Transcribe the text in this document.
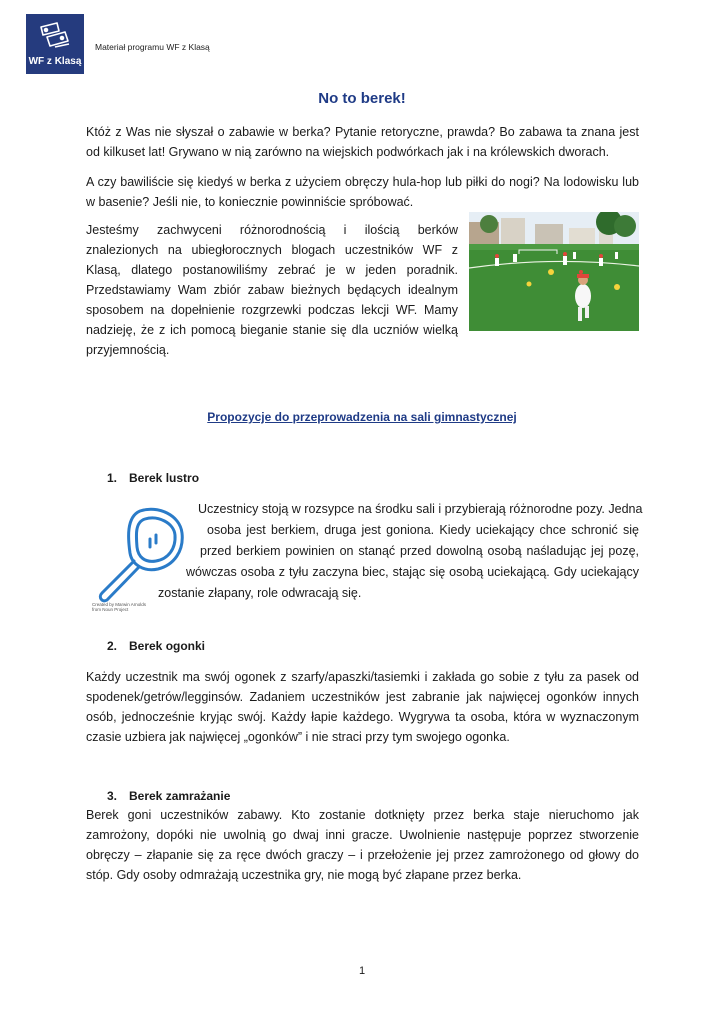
WF z Klasą
Materiał programu WF z Klasą
No to berek!
Któż z Was nie słyszał o zabawie w berka? Pytanie retoryczne, prawda? Bo zabawa ta znana jest od kilkuset lat! Grywano w nią zarówno na wiejskich podwórkach jak i na królewskich dworach.
A czy bawiliście się kiedyś w berka z użyciem obręczy hula-hop lub piłki do nogi? Na lodowisku lub w basenie? Jeśli nie, to koniecznie powinniście spróbować.
Jesteśmy zachwyceni różnorodnością i ilością berków znalezionych na ubiegłorocznych blogach uczestników WF z Klasą, dlatego postanowiliśmy zebrać je w jeden poradnik. Przedstawiamy Wam zbiór zabaw bieżnych będących idealnym sposobem na dopełnienie rozgrzewki podczas lekcji WF. Mamy nadzieję, że z ich pomocą bieganie stanie się dla uczniów wielką przyjemnością.
Propozycje do przeprowadzenia na sali gimnastycznej
1. Berek lustro
Created by Marwin Arnolds from Noun Project
Uczestnicy stoją w rozsypce na środku sali i przybierają różnorodne pozy. Jedna
osoba jest berkiem, druga jest goniona. Kiedy uciekający chce schronić się
przed berkiem powinien on stanąć przed dowolną osobą naśladując jej pozę,
wówczas osoba z tyłu zaczyna biec, stając się osobą uciekającą. Gdy uciekający
zostanie złapany, role odwracają się.
2. Berek ogonki
Każdy uczestnik ma swój ogonek z szarfy/apaszki/tasiemki i zakłada go sobie z tyłu za pasek od spodenek/getrów/legginsów. Zadaniem uczestników jest zabranie jak najwięcej ogonków innych osób, jednocześnie kryjąc swój. Każdy łapie każdego. Wygrywa ta osoba, która w wyznaczonym czasie uzbiera jak najwięcej „ogonków” i nie straci przy tym swojego ogonka.
3. Berek zamrażanie
Berek goni uczestników zabawy. Kto zostanie dotknięty przez berka staje nieruchomo jak zamrożony, dopóki nie uwolnią go dwaj inni gracze. Uwolnienie następuje poprzez stworzenie obręczy – złapanie się za ręce dwóch graczy – i przełożenie jej przez zamrożonego od głowy do stóp. Gdy osoby odmrażają uczestnika gry, nie mogą być złapane przez berka.
1
